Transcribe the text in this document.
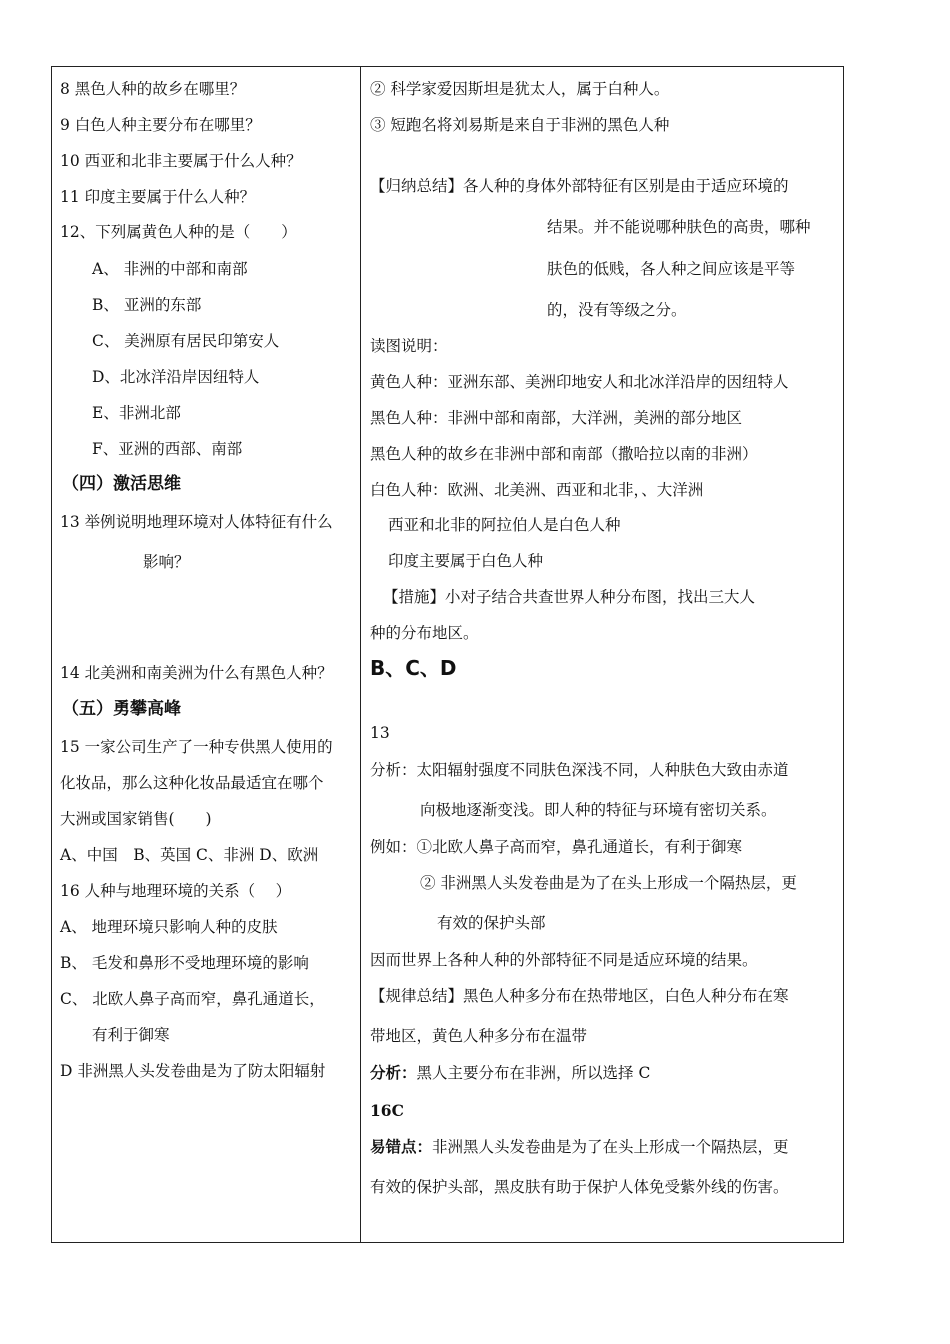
8 黑色人种的故乡在哪里？
9 白色人种主要分布在哪里？
10 西亚和北非主要属于什么人种？
11 印度主要属于什么人种？
12、下列属黄色人种的是（　　）
A、 非洲的中部和南部
B、 亚洲的东部
C、 美洲原有居民印第安人
D、北冰洋沿岸因纽特人
E、非洲北部
F、亚洲的西部、南部
（四）激活思维
13 举例说明地理环境对人体特征有什么
影响？
14 北美洲和南美洲为什么有黑色人种？
（五）勇攀高峰
15 一家公司生产了一种专供黑人使用的
化妆品，那么这种化妆品最适宜在哪个
大洲或国家销售(　　)
A、中国　B、英国 C、非洲 D、欧洲
16 人种与地理环境的关系（　 ）
A、 地理环境只影响人种的皮肤
B、 毛发和鼻形不受地理环境的影响
C、 北欧人鼻子高而窄，鼻孔通道长，
有利于御寒
D 非洲黑人头发卷曲是为了防太阳辐射
② 科学家爱因斯坦是犹太人，属于白种人。
③ 短跑名将刘易斯是来自于非洲的黑色人种
【归纳总结】各人种的身体外部特征有区别是由于适应环境的
结果。并不能说哪种肤色的高贵，哪种
肤色的低贱，各人种之间应该是平等
的，没有等级之分。
读图说明：
黄色人种：亚洲东部、美洲印地安人和北冰洋沿岸的因纽特人
黑色人种：非洲中部和南部，大洋洲，美洲的部分地区
黑色人种的故乡在非洲中部和南部（撒哈拉以南的非洲）
白色人种：欧洲、北美洲、西亚和北非，、大洋洲
西亚和北非的阿拉伯人是白色人种
印度主要属于白色人种
【措施】小对子结合共查世界人种分布图，找出三大人
种的分布地区。
B、C、D
13
分析：太阳辐射强度不同肤色深浅不同，人种肤色大致由赤道
向极地逐渐变浅。即人种的特征与环境有密切关系。
例如：①北欧人鼻子高而窄，鼻孔通道长，有利于御寒
② 非洲黑人头发卷曲是为了在头上形成一个隔热层，更
有效的保护头部
因而世界上各种人种的外部特征不同是适应环境的结果。
【规律总结】黑色人种多分布在热带地区，白色人种分布在寒
带地区，黄色人种多分布在温带
分析：黑人主要分布在非洲，所以选择 C
16C
易错点：非洲黑人头发卷曲是为了在头上形成一个隔热层，更
有效的保护头部，黑皮肤有助于保护人体免受紫外线的伤害。
